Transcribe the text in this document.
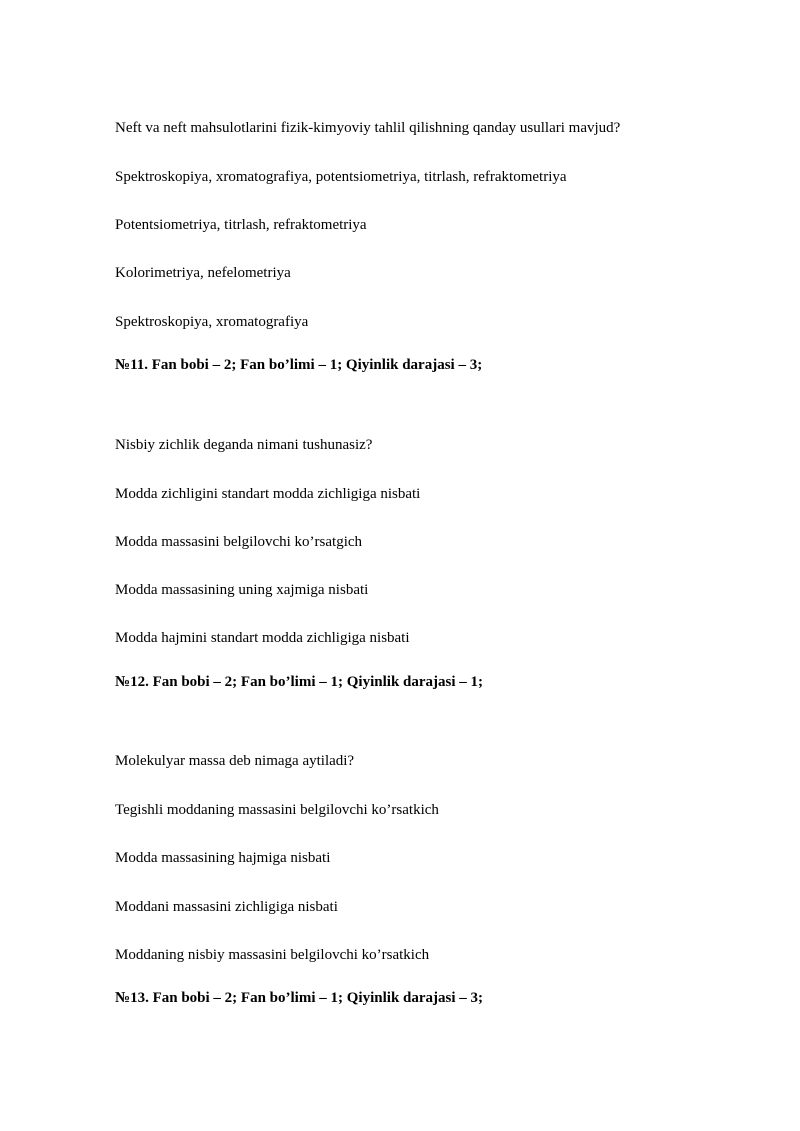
Neft va neft mahsulotlarini fizik-kimyoviy tahlil qilishning qanday usullari mavjud?
Spektroskopiya, xromatografiya, potentsiometriya, titrlash, refraktometriya
Potentsiometriya, titrlash, refraktometriya
Kolorimetriya, nefelometriya
Spektroskopiya, xromatografiya
№11. Fan bobi – 2; Fan bo’limi – 1; Qiyinlik darajasi – 3;
Nisbiy zichlik deganda nimani tushunasiz?
Modda zichligini standart modda zichligiga nisbati
Modda massasini belgilovchi ko’rsatgich
Modda massasining uning xajmiga nisbati
Modda hajmini standart modda zichligiga nisbati
№12. Fan bobi – 2; Fan bo’limi – 1; Qiyinlik darajasi – 1;
Molekulyar massa deb nimaga aytiladi?
Tegishli moddaning massasini belgilovchi ko’rsatkich
Modda massasining hajmiga nisbati
Moddani massasini zichligiga nisbati
Moddaning nisbiy massasini belgilovchi ko’rsatkich
№13. Fan bobi – 2; Fan bo’limi – 1; Qiyinlik darajasi – 3;
